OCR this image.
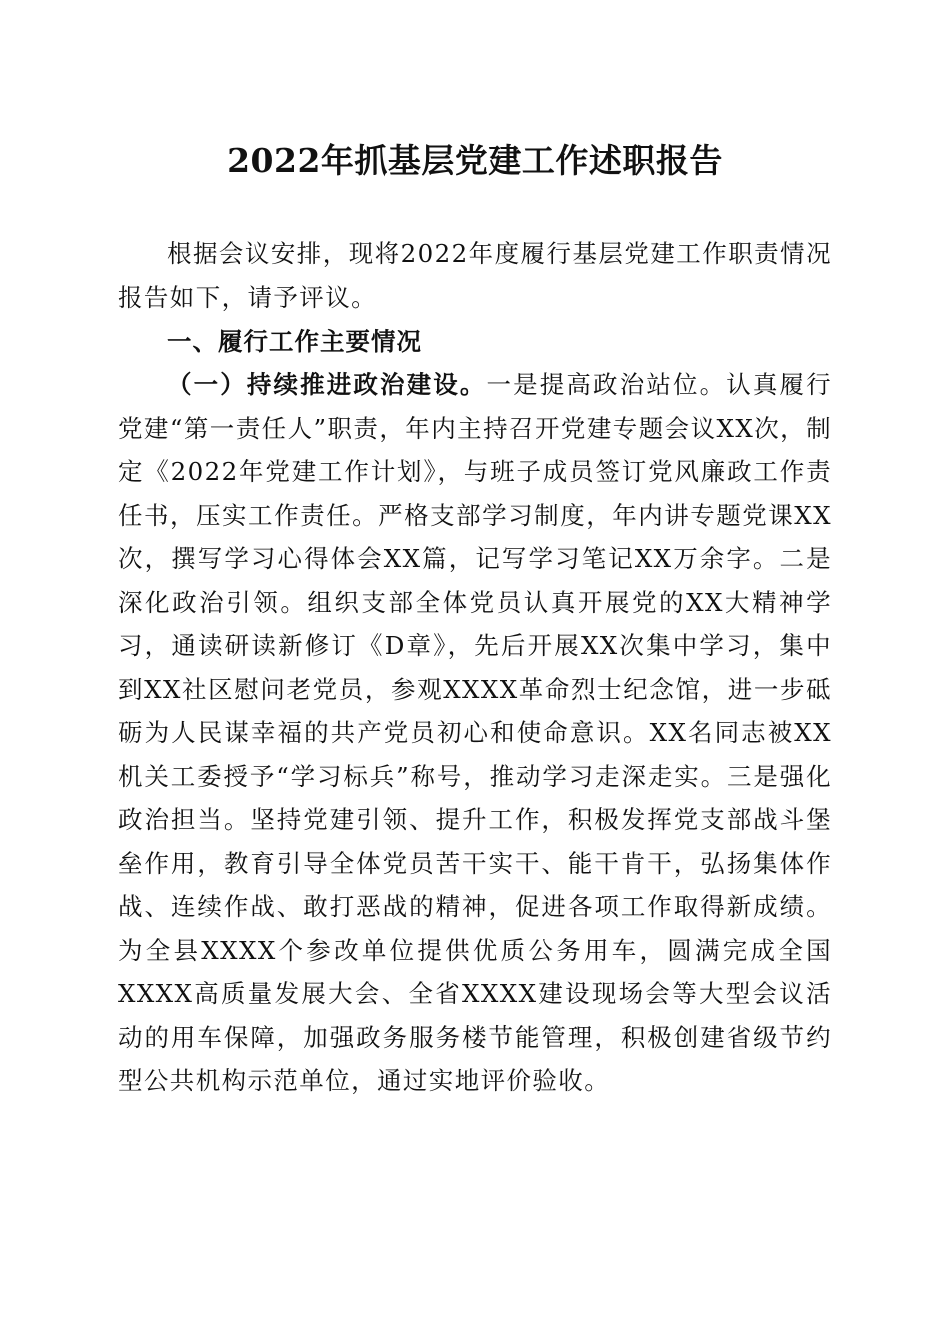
2022年抓基层党建工作述职报告

根据会议安排，现将2022年度履行基层党建工作职责情况报告如下，请予评议。

一、履行工作主要情况

（一）持续推进政治建设。一是提高政治站位。认真履行党建“第一责任人”职责，年内主持召开党建专题会议XX次，制定《2022年党建工作计划》，与班子成员签订党风廉政工作责任书，压实工作责任。严格支部学习制度，年内讲专题党课XX次，撰写学习心得体会XX篇，记写学习笔记XX万余字。二是深化政治引领。组织支部全体党员认真开展党的XX大精神学习，通读研读新修订《D章》，先后开展XX次集中学习，集中到XX社区慰问老党员，参观XXXX革命烈士纪念馆，进一步砥砺为人民谋幸福的共产党员初心和使命意识。XX名同志被XX机关工委授予“学习标兵”称号，推动学习走深走实。三是强化政治担当。坚持党建引领、提升工作，积极发挥党支部战斗堡垒作用，教育引导全体党员苦干实干、能干肯干，弘扬集体作战、连续作战、敢打恶战的精神，促进各项工作取得新成绩。为全县XXXX个参改单位提供优质公务用车，圆满完成全国XXXX高质量发展大会、全省XXXX建设现场会等大型会议活动的用车保障，加强政务服务楼节能管理，积极创建省级节约型公共机构示范单位，通过实地评价验收。
